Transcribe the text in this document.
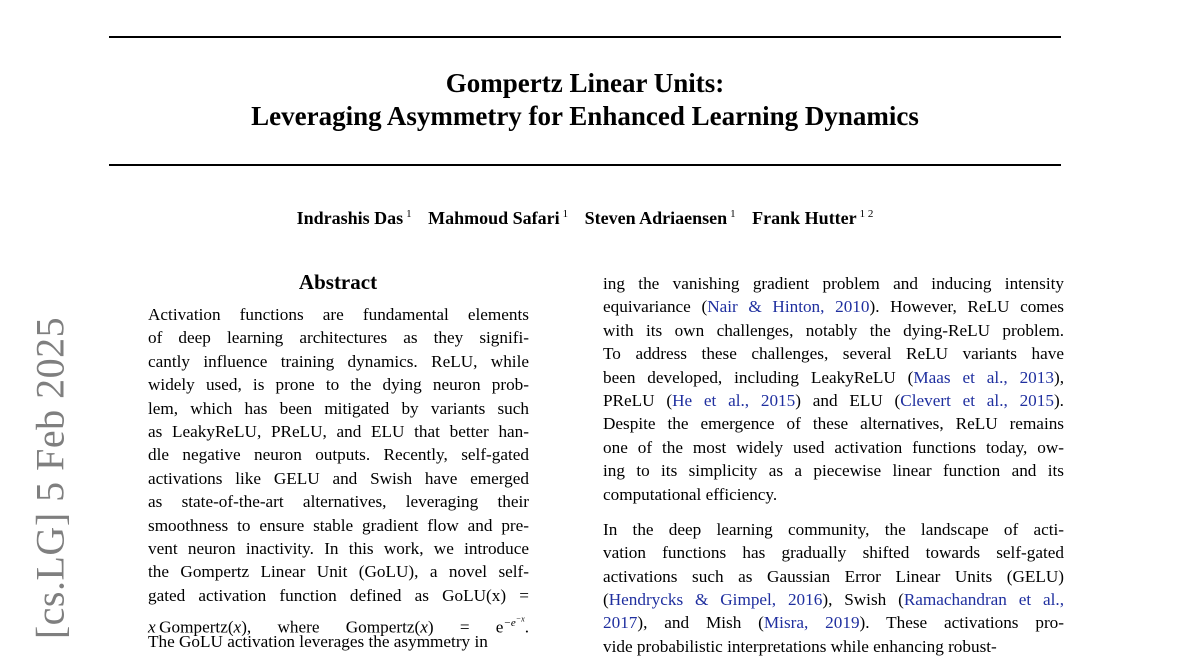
Gompertz Linear Units:
Leveraging Asymmetry for Enhanced Learning Dynamics
Indrashis Das $^1$ Mahmoud Safari $^1$ Steven Adriaensen $^1$ Frank Hutter $^{1 2}$
[cs.LG] 5 Feb 2025
Abstract
Activation functions are fundamental elements
of deep learning architectures as they signifi-
cantly influence training dynamics. ReLU, while
widely used, is prone to the dying neuron prob-
lem, which has been mitigated by variants such
as LeakyReLU, PReLU, and ELU that better han-
dle negative neuron outputs. Recently, self-gated
activations like GELU and Swish have emerged
as state-of-the-art alternatives, leveraging their
smoothness to ensure stable gradient flow and pre-
vent neuron inactivity. In this work, we introduce
the Gompertz Linear Unit (GoLU), a novel self-
gated activation function defined as GoLU(x) =
x  Gompertz(x), where Gompertz(x) = $e^{-e^{-x}}$.
The GoLU activation leverages the asymmetry in
ing the vanishing gradient problem and inducing intensity
equivariance (Nair & Hinton, 2010). However, ReLU comes
with its own challenges, notably the dying-ReLU problem.
To address these challenges, several ReLU variants have
been developed, including LeakyReLU (Maas et al., 2013),
PReLU (He et al., 2015) and ELU (Clevert et al., 2015).
Despite the emergence of these alternatives, ReLU remains
one of the most widely used activation functions today, ow-
ing to its simplicity as a piecewise linear function and its
computational efficiency.
In the deep learning community, the landscape of acti-
vation functions has gradually shifted towards self-gated
activations such as Gaussian Error Linear Units (GELU)
(Hendrycks & Gimpel, 2016), Swish (Ramachandran et al.,
2017), and Mish (Misra, 2019). These activations pro-
vide probabilistic interpretations while enhancing robust-
